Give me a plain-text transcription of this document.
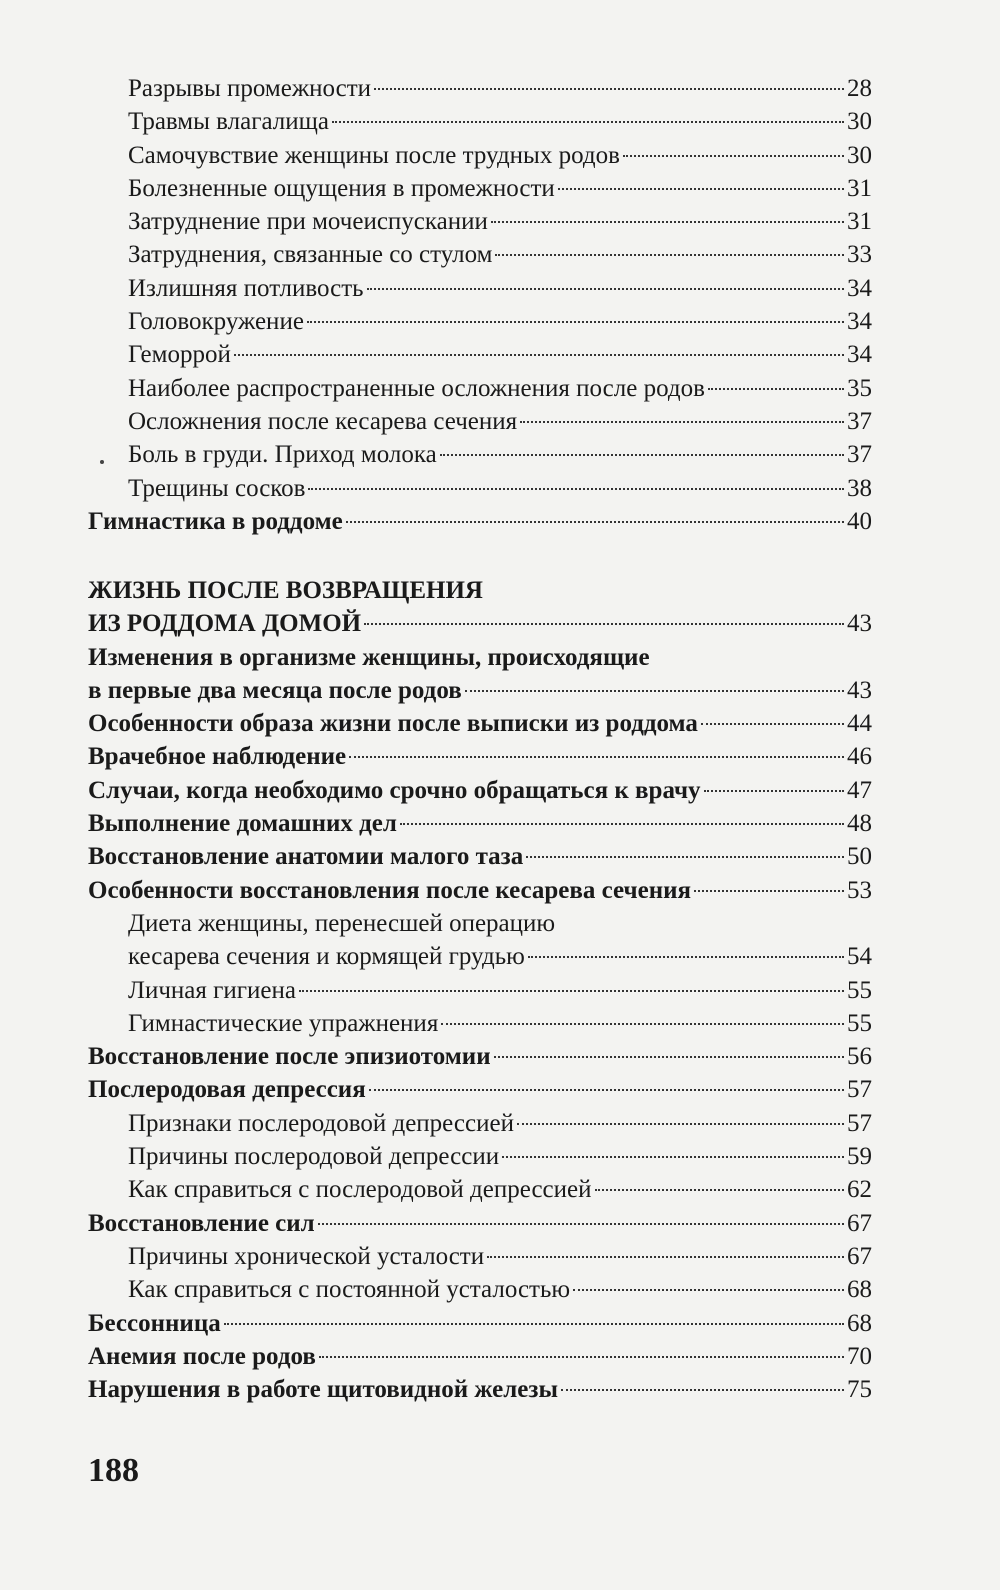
Разрывы промежности	28
Травмы влагалища	30
Самочувствие женщины после трудных родов	30
Болезненные ощущения в промежности	31
Затруднение при мочеиспускании	31
Затруднения, связанные со стулом	33
Излишняя потливость	34
Головокружение	34
Геморрой	34
Наиболее распространенные осложнения после родов	35
Осложнения после кесарева сечения	37
Боль в груди. Приход молока	37
Трещины сосков	38
Гимнастика в роддоме	40
ЖИЗНЬ ПОСЛЕ ВОЗВРАЩЕНИЯ
ИЗ РОДДОМА ДОМОЙ	43
Изменения в организме женщины, происходящие
в первые два месяца после родов	43
Особенности образа жизни после выписки из роддома	44
Врачебное наблюдение	46
Случаи, когда необходимо срочно обращаться к врачу	47
Выполнение домашних дел	48
Восстановление анатомии малого таза	50
Особенности восстановления после кесарева сечения	53
Диета женщины, перенесшей операцию
кесарева сечения и кормящей грудью	54
Личная гигиена	55
Гимнастические упражнения	55
Восстановление после эпизиотомии	56
Послеродовая депрессия	57
Признаки послеродовой депрессией	57
Причины послеродовой депрессии	59
Как справиться с послеродовой депрессией	62
Восстановление сил	67
Причины хронической усталости	67
Как справиться с постоянной усталостью	68
Бессонница	68
Анемия после родов	70
Нарушения в работе щитовидной железы	75
188
